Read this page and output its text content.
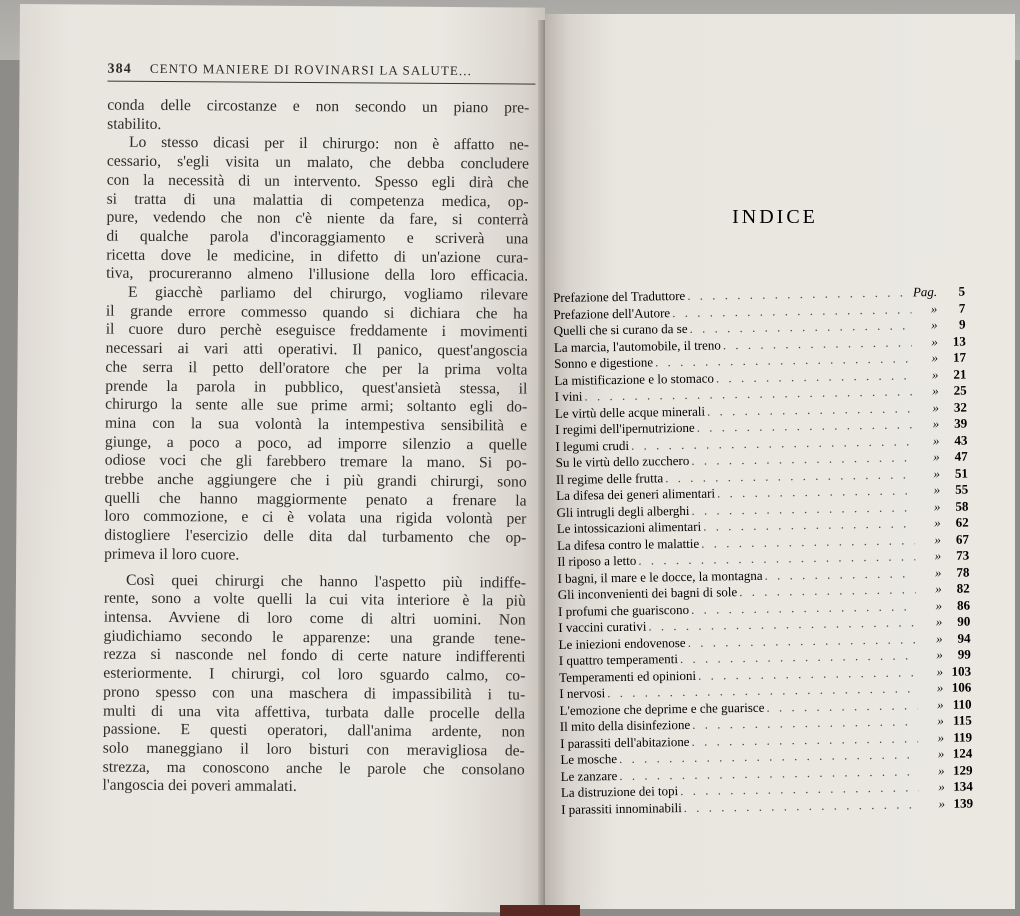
384 CENTO MANIERE DI ROVINARSI LA SALUTE...
conda delle circostanze e non secondo un piano pre-
stabilito.
Lo stesso dicasi per il chirurgo: non è affatto ne-
cessario, s'egli visita un malato, che debba concludere
con la necessità di un intervento. Spesso egli dirà che
si tratta di una malattia di competenza medica, op-
pure, vedendo che non c'è niente da fare, si conterrà
di qualche parola d'incoraggiamento e scriverà una
ricetta dove le medicine, in difetto di un'azione cura-
tiva, procureranno almeno l'illusione della loro efficacia.
E giacchè parliamo del chirurgo, vogliamo rilevare
il grande errore commesso quando si dichiara che ha
il cuore duro perchè eseguisce freddamente i movimenti
necessari ai vari atti operativi. Il panico, quest'angoscia
che serra il petto dell'oratore che per la prima volta
prende la parola in pubblico, quest'ansietà stessa, il
chirurgo la sente alle sue prime armi; soltanto egli do-
mina con la sua volontà la intempestiva sensibilità e
giunge, a poco a poco, ad imporre silenzio a quelle
odiose voci che gli farebbero tremare la mano. Si po-
trebbe anche aggiungere che i più grandi chirurgi, sono
quelli che hanno maggiormente penato a frenare la
loro commozione, e ci è volata una rigida volontà per
distogliere l'esercizio delle dita dal turbamento che op-
primeva il loro cuore.
Così quei chirurgi che hanno l'aspetto più indiffe-
rente, sono a volte quelli la cui vita interiore è la più
intensa. Avviene di loro come di altri uomini. Non
giudichiamo secondo le apparenze: una grande tene-
rezza si nasconde nel fondo di certe nature indifferenti
esteriormente. I chirurgi, col loro sguardo calmo, co-
prono spesso con una maschera di impassibilità i tu-
multi di una vita affettiva, turbata dalle procelle della
passione. E questi operatori, dall'anima ardente, non
solo maneggiano il loro bisturi con meravigliosa de-
strezza, ma conoscono anche le parole che consolano
l'angoscia dei poveri ammalati.
INDICE
Prefazione del Traduttore . . .	Pag.	5
Prefazione dell'Autore . . .	»	7
Quelli che si curano da se . . .	»	9
La marcia, l'automobile, il treno . . .	»	13
Sonno e digestione . . .	»	17
La mistificazione e lo stomaco . . .	»	21
I vini . . .	»	25
Le virtù delle acque minerali . . .	»	32
I regimi dell'ipernutrizione . . .	»	39
I legumi crudi . . .	»	43
Su le virtù dello zucchero . . .	»	47
Il regime delle frutta . . .	»	51
La difesa dei generi alimentari . . .	»	55
Gli intrugli degli alberghi . . .	»	58
Le intossicazioni alimentari . . .	»	62
La difesa contro le malattie . . .	»	67
Il riposo a letto . . .	»	73
I bagni, il mare e le docce, la montagna . . .	»	78
Gli inconvenienti dei bagni di sole . . .	»	82
I profumi che guariscono . . .	»	86
I vaccini curativi . . .	»	90
Le iniezioni endovenose . . .	»	94
I quattro temperamenti . . .	»	99
Temperamenti ed opinioni . . .	» 103
I nervosi . . .	» 106
L'emozione che deprime e che guarisce . . .	» 110
Il mito della disinfezione . . .	» 115
I parassiti dell'abitazione . . .	» 119
Le mosche . . .	» 124
Le zanzare . . .	» 129
La distruzione dei topi . . .	» 134
I parassiti innominabili . . .	» 139
